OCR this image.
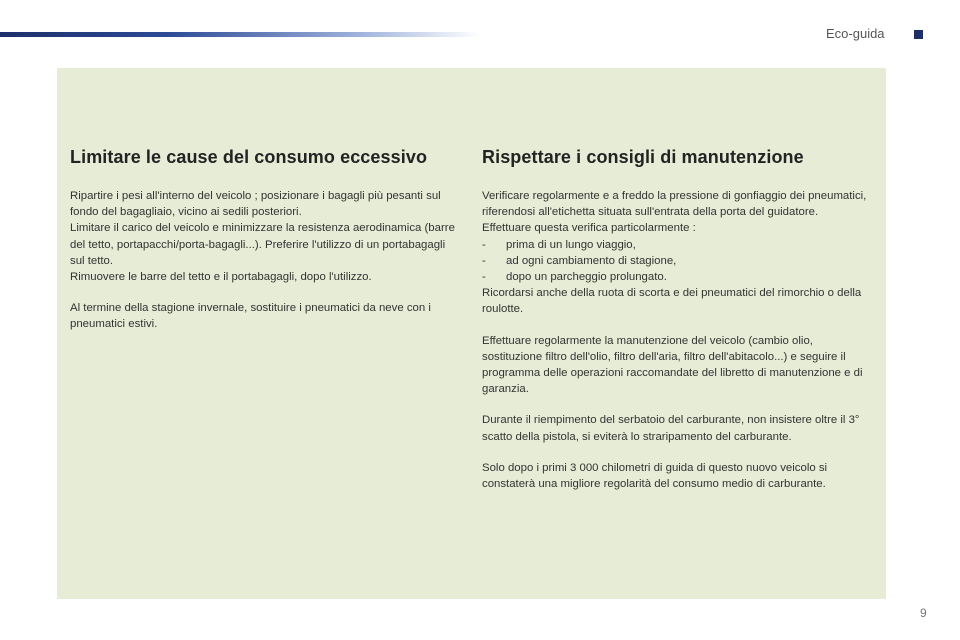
Eco-guida
Limitare le cause del consumo eccessivo

Ripartire i pesi all'interno del veicolo ; posizionare i bagagli più pesanti sul fondo del bagagliaio, vicino ai sedili posteriori.
Limitare il carico del veicolo e minimizzare la resistenza aerodinamica (barre del tetto, portapacchi/porta-bagagli...). Preferire l'utilizzo di un portabagagli sul tetto.
Rimuovere le barre del tetto e il portabagagli, dopo l'utilizzo.

Al termine della stagione invernale, sostituire i pneumatici da neve con i pneumatici estivi.

Rispettare i consigli di manutenzione

Verificare regolarmente e a freddo la pressione di gonfiaggio dei pneumatici, riferendosi all'etichetta situata sull'entrata della porta del guidatore.
Effettuare questa verifica particolarmente :
- prima di un lungo viaggio,
- ad ogni cambiamento di stagione,
- dopo un parcheggio prolungato.
Ricordarsi anche della ruota di scorta e dei pneumatici del rimorchio o della roulotte.

Effettuare regolarmente la manutenzione del veicolo (cambio olio, sostituzione filtro dell'olio, filtro dell'aria, filtro dell'abitacolo...) e seguire il programma delle operazioni raccomandate del libretto di manutenzione e di garanzia.

Durante il riempimento del serbatoio del carburante, non insistere oltre il 3° scatto della pistola, si eviterà lo straripamento del carburante.

Solo dopo i primi 3 000 chilometri di guida di questo nuovo veicolo si constaterà una migliore regolarità del consumo medio di carburante.

9
